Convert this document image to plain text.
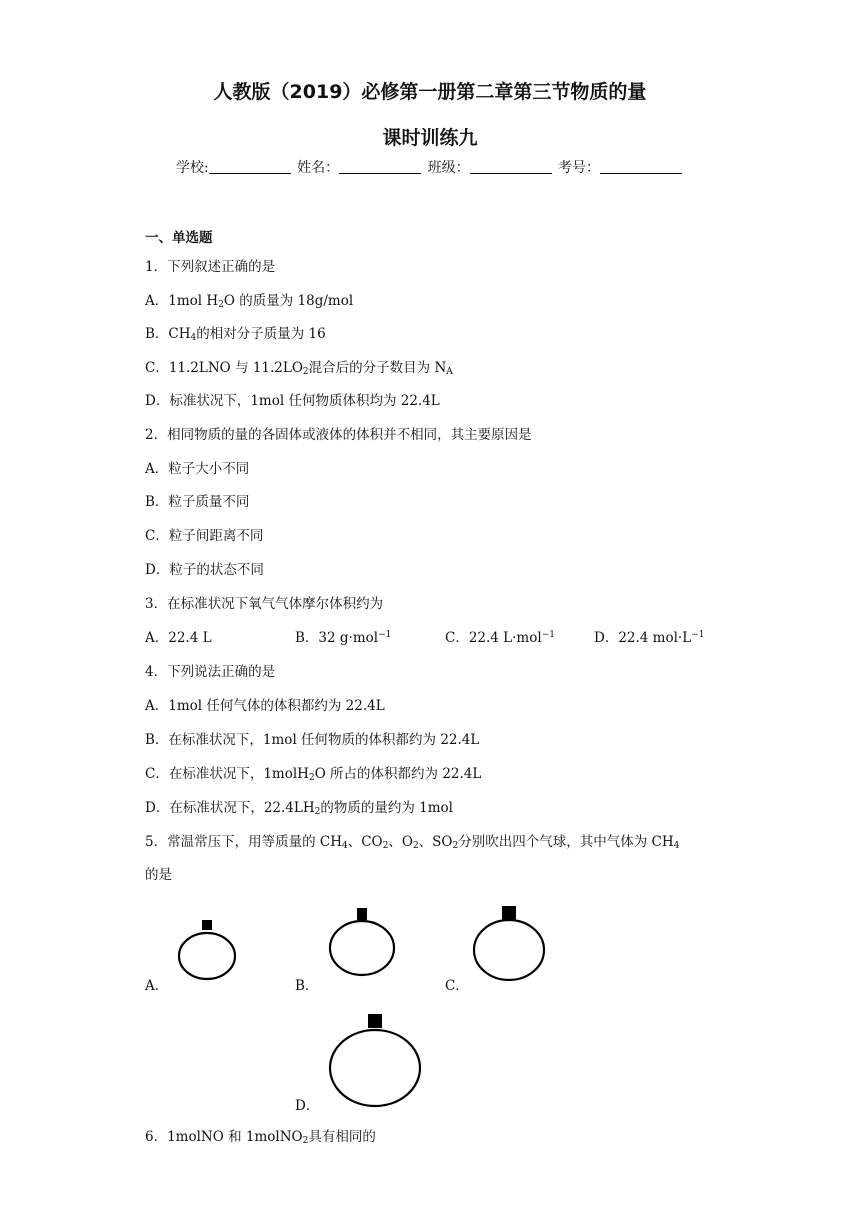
人教版（2019）必修第一册第二章第三节物质的量
课时训练九
学校:	姓名：	班级：	考号：
一、单选题
1．下列叙述正确的是
A．1mol $H_2O$ 的质量为 18g/mol
B．$CH_4$的相对分子质量为 16
C．11.2LNO 与 $11.2LO_2$混合后的分子数目为 $N_A$
D．标准状况下，1mol 任何物质体积均为 22.4L
2．相同物质的量的各固体或液体的体积并不相同，其主要原因是
A．粒子大小不同
B．粒子质量不同
C．粒子间距离不同
D．粒子的状态不同
3．在标准状况下氧气气体摩尔体积约为
A．22.4 L	B．32 g·mol$^{-1}$	C．22.4 L·mol$^{-1}$	D．22.4 $mol\cdot L^{-1}$
4．下列说法正确的是
A．1mol 任何气体的体积都约为 22.4L
B．在标准状况下，1mol 任何物质的体积都约为 22.4L
C．在标准状况下，1molH$_2$O 所占的体积都约为 22.4L
D．在标准状况下，$22.4LH_2$的物质的量约为 1mol
5．常温常压下，用等质量的 $CH_4$、$CO_2$、$O_2$、$SO_2$分别吹出四个气球，其中气体为 $CH_4$
的是
A．	B．	C．
D．
6．1molNO 和 1molNO$_2$具有相同的
